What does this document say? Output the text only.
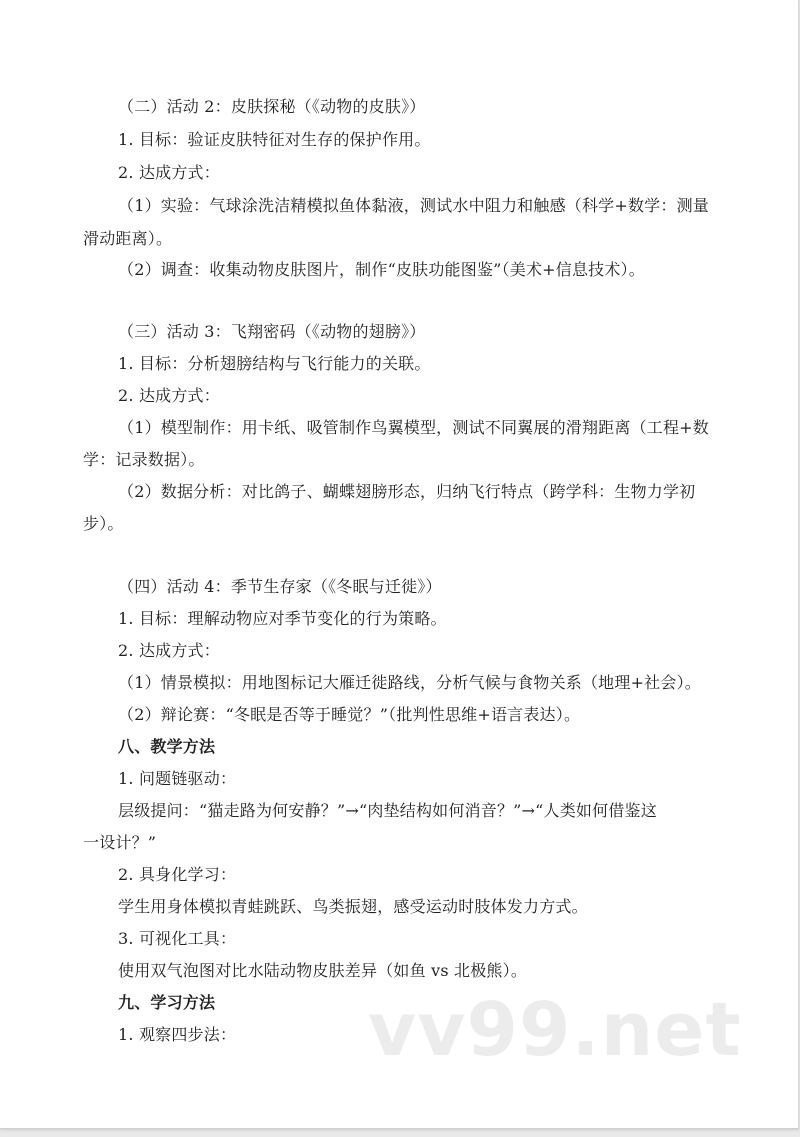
（二）活动 2：皮肤探秘（《动物的皮肤》）
1. 目标：验证皮肤特征对生存的保护作用。
2. 达成方式：
（1）实验：气球涂洗洁精模拟鱼体黏液，测试水中阻力和触感（科学+数学：测量
滑动距离）。
（2）调查：收集动物皮肤图片，制作“皮肤功能图鉴”（美术+信息技术）。
（三）活动 3：飞翔密码（《动物的翅膀》）
1. 目标：分析翅膀结构与飞行能力的关联。
2. 达成方式：
（1）模型制作：用卡纸、吸管制作鸟翼模型，测试不同翼展的滑翔距离（工程+数
学：记录数据）。
（2）数据分析：对比鸽子、蝴蝶翅膀形态，归纳飞行特点（跨学科：生物力学初
步）。
（四）活动 4：季节生存家（《冬眠与迁徙》）
1. 目标：理解动物应对季节变化的行为策略。
2. 达成方式：
（1）情景模拟：用地图标记大雁迁徙路线，分析气候与食物关系（地理+社会）。
（2）辩论赛：“冬眠是否等于睡觉？”（批判性思维+语言表达）。
八、教学方法
1. 问题链驱动：
层级提问：“猫走路为何安静？”→“肉垫结构如何消音？”→“人类如何借鉴这
一设计？”
2. 具身化学习：
学生用身体模拟青蛙跳跃、鸟类振翅，感受运动时肢体发力方式。
3. 可视化工具：
使用双气泡图对比水陆动物皮肤差异（如鱼 vs 北极熊）。
九、学习方法
1. 观察四步法： vv99.net
